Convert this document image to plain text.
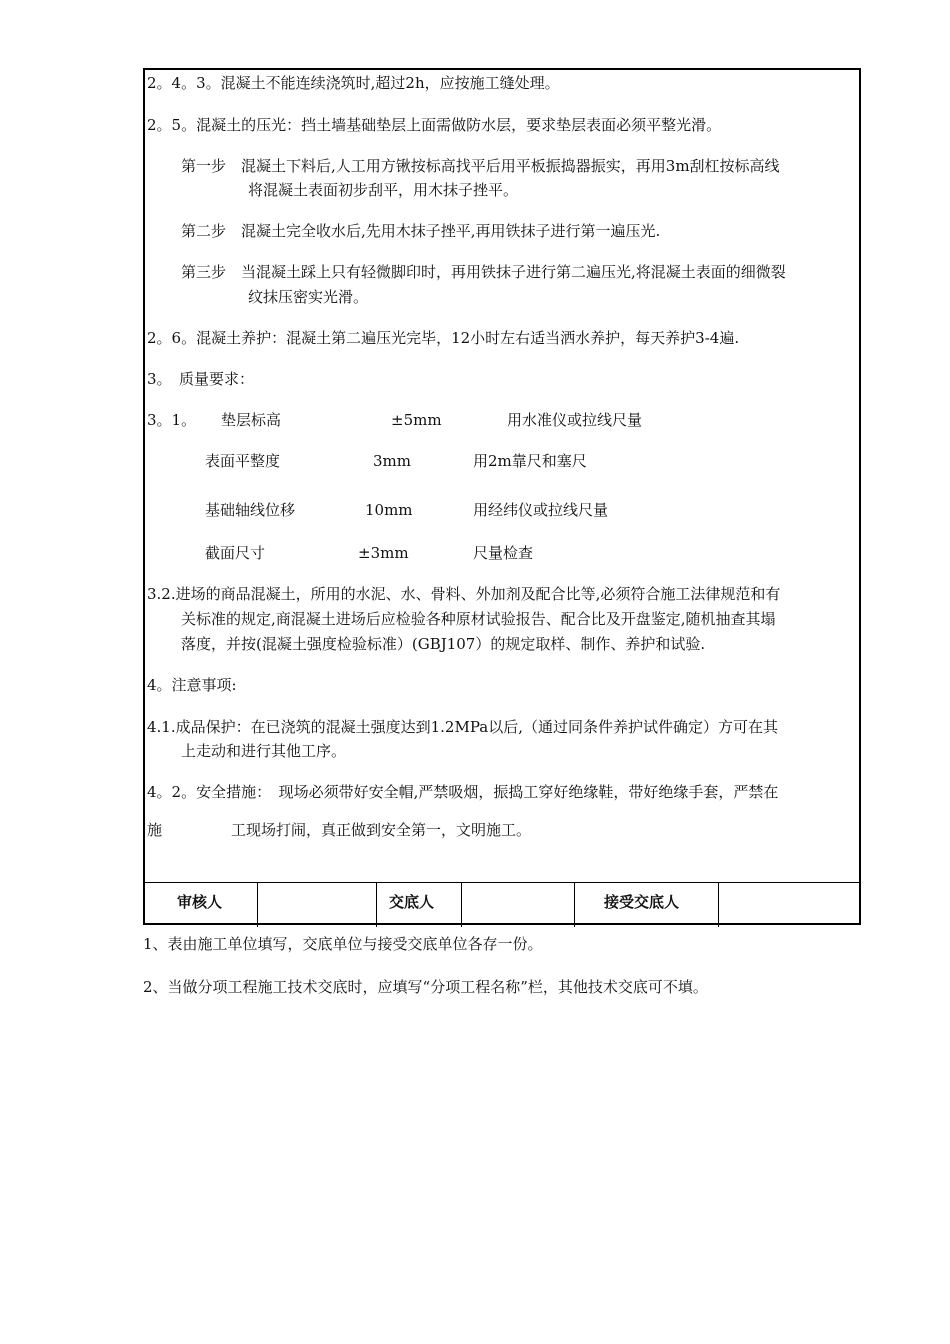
2。4。3。混凝土不能连续浇筑时,超过2h，应按施工缝处理。
2。5。混凝土的压光：挡土墙基础垫层上面需做防水层，要求垫层表面必须平整光滑。
第一步　混凝土下料后,人工用方锹按标高找平后用平板振捣器振实，再用3m刮杠按标高线
将混凝土表面初步刮平，用木抹子挫平。
第二步　混凝土完全收水后,先用木抹子挫平,再用铁抹子进行第一遍压光.
第三步　当混凝土踩上只有轻微脚印时，再用铁抹子进行第二遍压光,将混凝土表面的细微裂
纹抹压密实光滑。
2。6。混凝土养护：混凝土第二遍压光完毕，12小时左右适当洒水养护，每天养护3-4遍.
3。　质量要求：
3。1。 垫层标高	±5mm	用水准仪或拉线尺量
表面平整度	3mm	用2m靠尺和塞尺
基础轴线位移	10mm	用经纬仪或拉线尺量
截面尺寸	±3mm	尺量检查
3.2.进场的商品混凝土，所用的水泥、水、骨料、外加剂及配合比等,必须符合施工法律规范和有
关标准的规定,商混凝土进场后应检验各种原材试验报告、配合比及开盘鉴定,随机抽查其塌
落度，并按(混凝土强度检验标准）(GBJ107）的规定取样、制作、养护和试验.
4。注意事项:
4.1.成品保护：在已浇筑的混凝土强度达到1.2MPa以后,（通过同条件养护试件确定）方可在其
上走动和进行其他工序。
4。2。安全措施：　现场必须带好安全帽,严禁吸烟，振捣工穿好绝缘鞋，带好绝缘手套，严禁在
施	工现场打闹，真正做到安全第一，文明施工。
审核人	交底人	接受交底人
1、表由施工单位填写，交底单位与接受交底单位各存一份。
2、当做分项工程施工技术交底时，应填写“分项工程名称”栏，其他技术交底可不填。
